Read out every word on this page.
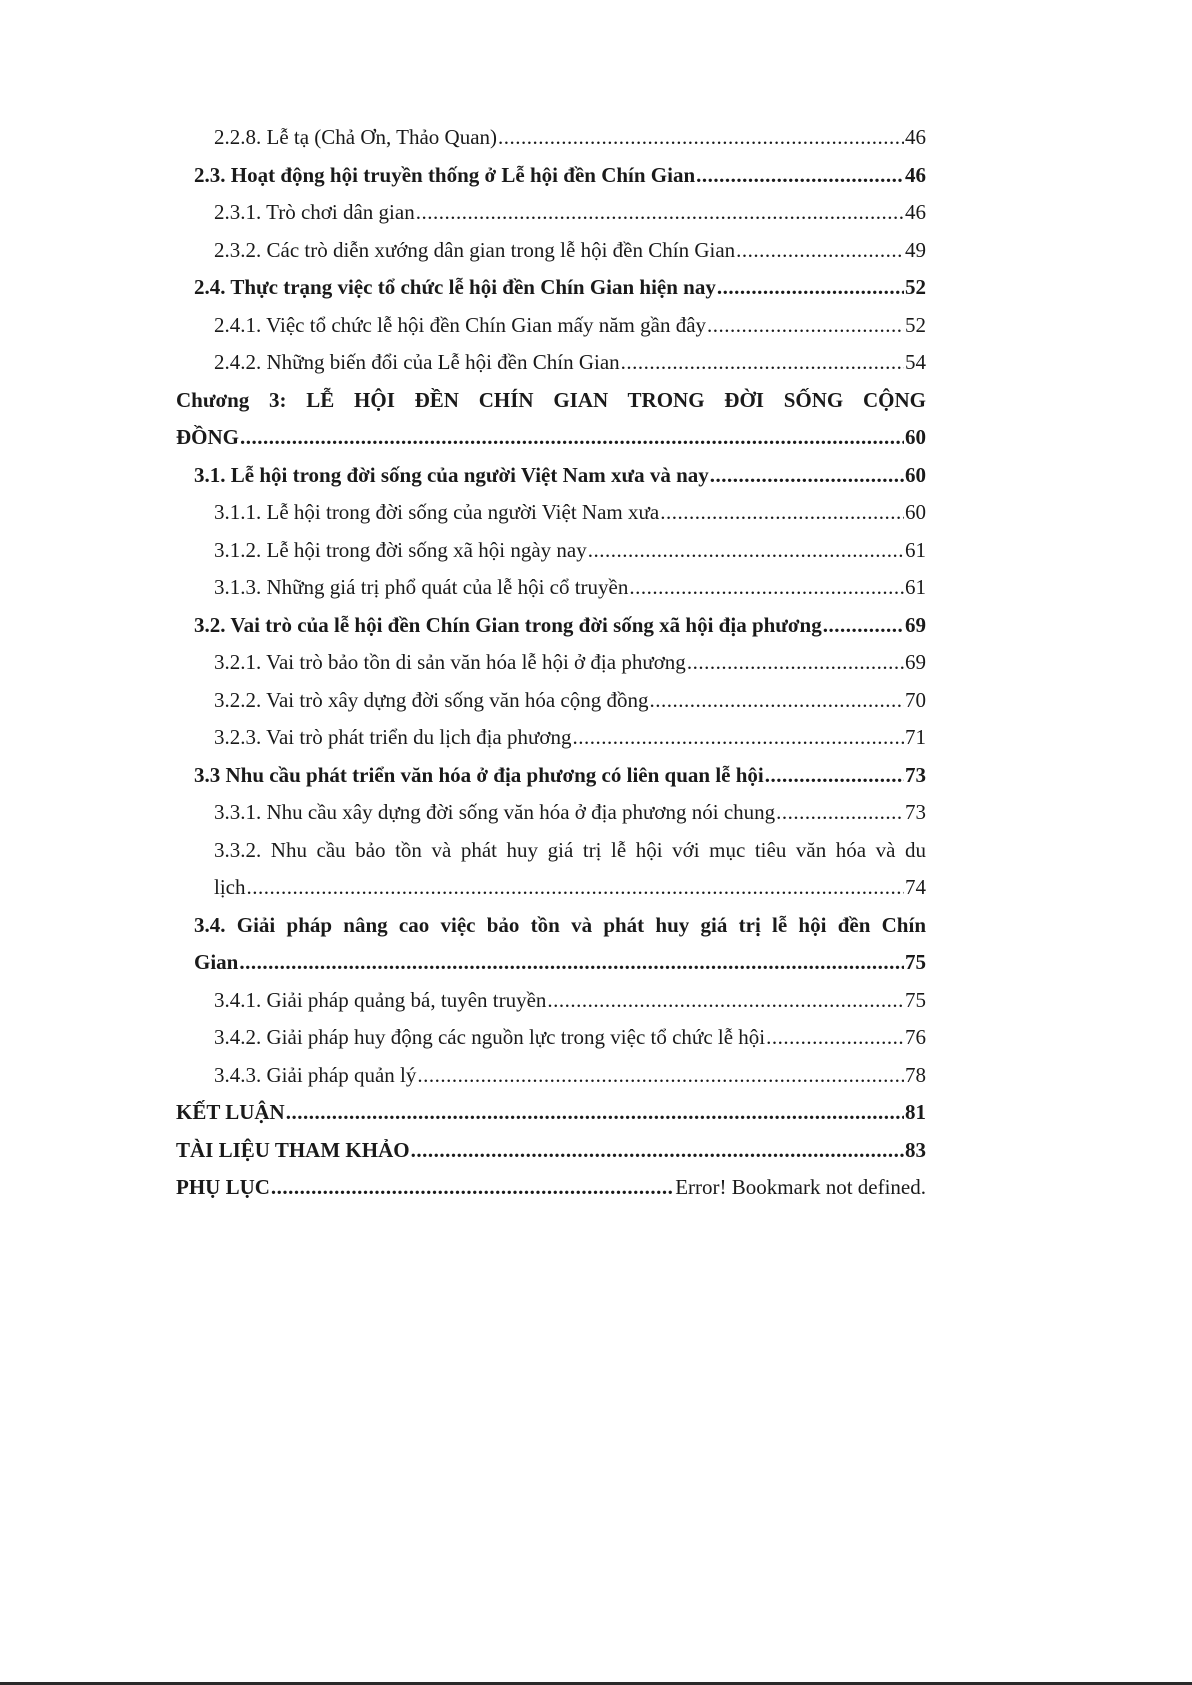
2.2.8. Lễ tạ (Chả Ơn, Thảo Quan) .....	46
2.3. Hoạt động hội truyền thống ở Lễ hội đền Chín Gian .....	46
2.3.1. Trò chơi dân gian .....	46
2.3.2. Các trò diễn xướng dân gian trong lễ hội đền Chín Gian .....	49
2.4. Thực trạng việc tổ chức lễ hội đền Chín Gian hiện nay .....	52
2.4.1. Việc tổ chức lễ hội đền Chín Gian mấy năm gần đây .....	52
2.4.2. Những biến đổi của Lễ hội đền Chín Gian .....	54
Chương 3: LỄ HỘI ĐỀN CHÍN GIAN TRONG ĐỜI SỐNG CỘNG
ĐỒNG .....	60
3.1. Lễ hội trong đời sống của người Việt Nam xưa và nay .....	60
3.1.1. Lễ hội trong đời sống của người Việt Nam xưa .....	60
3.1.2. Lễ hội trong đời sống xã hội ngày nay .....	61
3.1.3. Những giá trị phổ quát của lễ hội cổ truyền .....	61
3.2. Vai trò của lễ hội đền Chín Gian trong đời sống xã hội địa phương .....	69
3.2.1. Vai trò bảo tồn di sản văn hóa lễ hội ở địa phương .....	69
3.2.2. Vai trò xây dựng đời sống văn hóa cộng đồng .....	70
3.2.3. Vai trò phát triển du lịch địa phương .....	71
3.3 Nhu cầu phát triển văn hóa ở địa phương có liên quan lễ hội .....	73
3.3.1. Nhu cầu xây dựng đời sống văn hóa ở địa phương nói chung .....	73
3.3.2. Nhu cầu bảo tồn và phát huy giá trị lễ hội với mục tiêu văn hóa và du
lịch .....	74
3.4. Giải pháp nâng cao việc bảo tồn và phát huy giá trị lễ hội đền Chín
Gian .....	75
3.4.1. Giải pháp quảng bá, tuyên truyền .....	75
3.4.2. Giải pháp huy động các nguồn lực trong việc tổ chức lễ hội .....	76
3.4.3. Giải pháp quản lý .....	78
KẾT LUẬN .....	81
TÀI LIỆU THAM KHẢO .....	83
PHỤ LỤC .....	Error! Bookmark not defined.
